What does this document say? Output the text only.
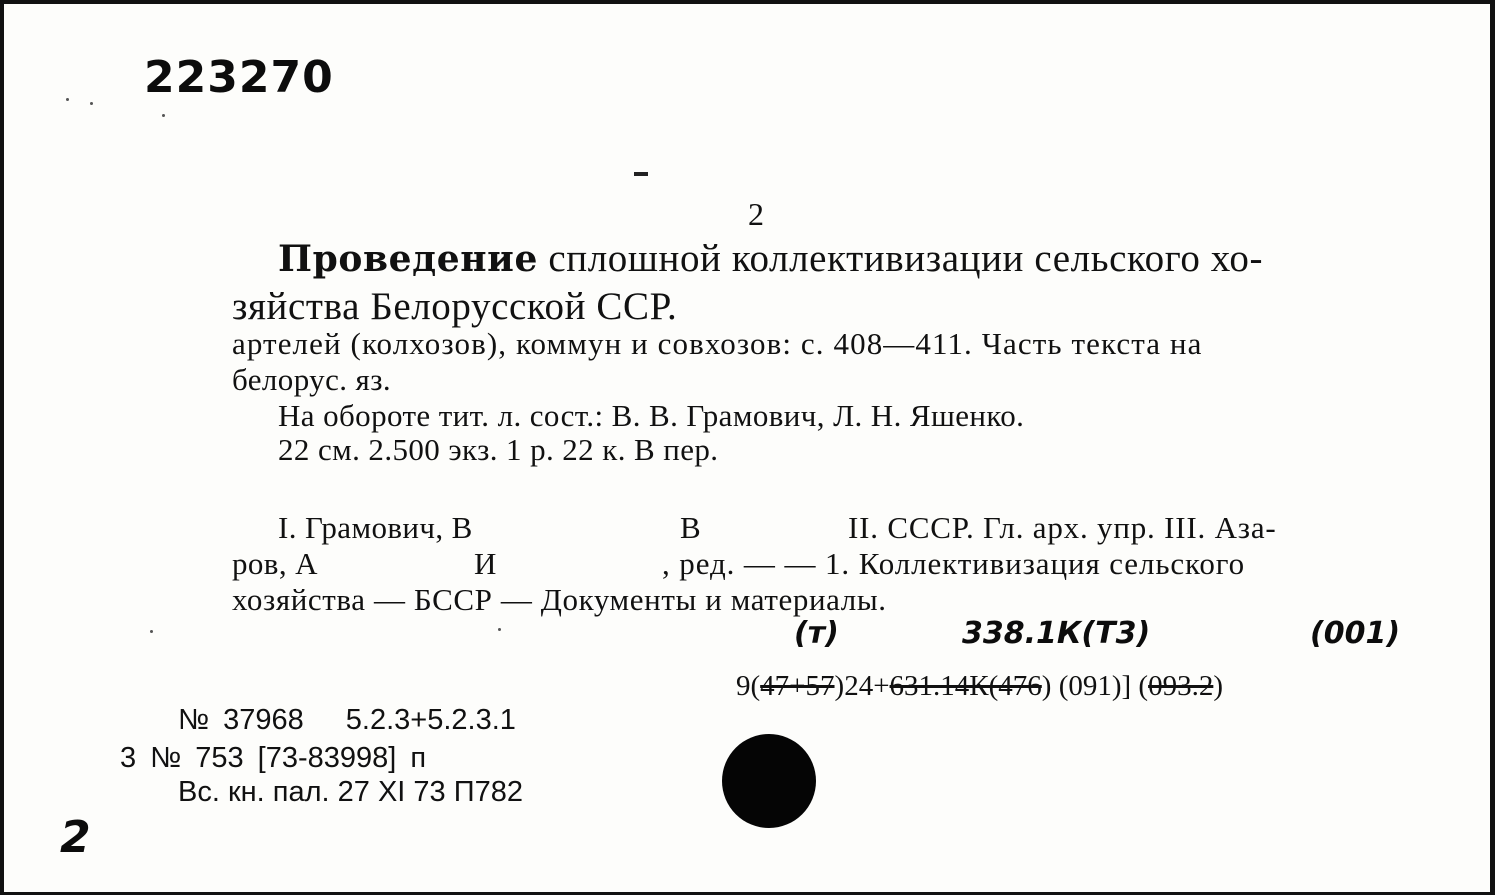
223270
2
Проведение сплошной коллективизации сельского хо-
зяйства Белорусской ССР.
артелей (колхозов), коммун и совхозов: с. 408—411. Часть текста на
белорус. яз.
На обороте тит. л. сост.: В. В. Грамович, Л. Н. Яшенко.
22 см. 2.500 экз. 1 р. 22 к. В пер.
I. Грамович, В	В	II. СССР. Гл. арх. упр. III. Аза-
ров, А	И	, ред. — — 1. Коллективизация сельского
хозяйства — БССР — Документы и материалы.
(т)	338.1К(Т3)	(001)
9(47+57)24+631.14К(476) (091)] (093.2)
№ 37968 5.2.3+5.2.3.1
3 № 753 [73-83998] п
Вс. кн. пал. 27 XI 73 П782
2
